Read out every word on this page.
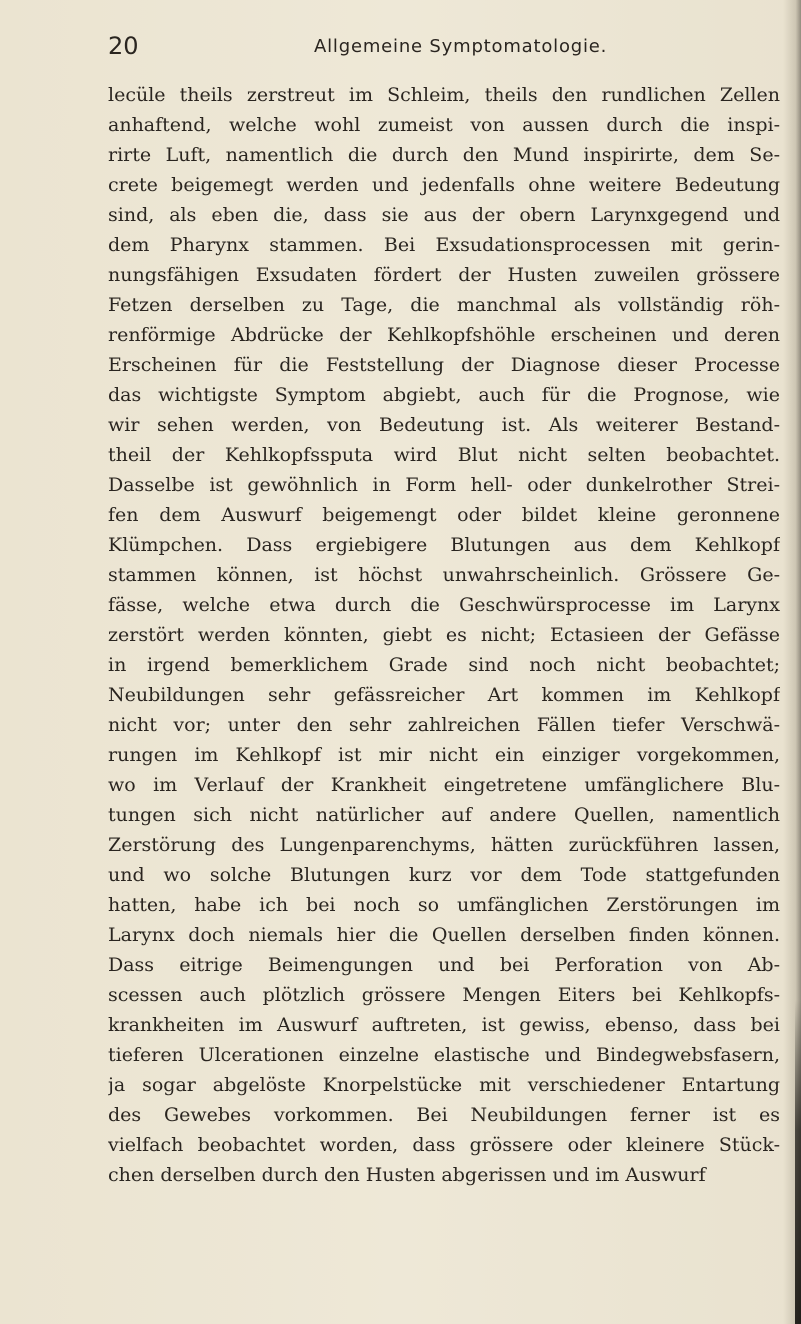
20	Allgemeine Symptomatologie.
lecüle theils zerstreut im Schleim, theils den rundlichen Zellen
anhaftend, welche wohl zumeist von aussen durch die inspi-
rirte Luft, namentlich die durch den Mund inspirirte, dem Se-
crete beigemegt werden und jedenfalls ohne weitere Bedeutung
sind, als eben die, dass sie aus der obern Larynxgegend und
dem Pharynx stammen. Bei Exsudationsprocessen mit gerin-
nungsfähigen Exsudaten fördert der Husten zuweilen grössere
Fetzen derselben zu Tage, die manchmal als vollständig röh-
renförmige Abdrücke der Kehlkopfshöhle erscheinen und deren
Erscheinen für die Feststellung der Diagnose dieser Processe
das wichtigste Symptom abgiebt, auch für die Prognose, wie
wir sehen werden, von Bedeutung ist. Als weiterer Bestand-
theil der Kehlkopfssputa wird Blut nicht selten beobachtet.
Dasselbe ist gewöhnlich in Form hell- oder dunkelrother Strei-
fen dem Auswurf beigemengt oder bildet kleine geronnene
Klümpchen. Dass ergiebigere Blutungen aus dem Kehlkopf
stammen können, ist höchst unwahrscheinlich. Grössere Ge-
fässe, welche etwa durch die Geschwürsprocesse im Larynx
zerstört werden könnten, giebt es nicht; Ectasieen der Gefässe
in irgend bemerklichem Grade sind noch nicht beobachtet;
Neubildungen sehr gefässreicher Art kommen im Kehlkopf
nicht vor; unter den sehr zahlreichen Fällen tiefer Verschwä-
rungen im Kehlkopf ist mir nicht ein einziger vorgekommen,
wo im Verlauf der Krankheit eingetretene umfänglichere Blu-
tungen sich nicht natürlicher auf andere Quellen, namentlich
Zerstörung des Lungenparenchyms, hätten zurückführen lassen,
und wo solche Blutungen kurz vor dem Tode stattgefunden
hatten, habe ich bei noch so umfänglichen Zerstörungen im
Larynx doch niemals hier die Quellen derselben finden können.
Dass eitrige Beimengungen und bei Perforation von Ab-
scessen auch plötzlich grössere Mengen Eiters bei Kehlkopfs-
krankheiten im Auswurf auftreten, ist gewiss, ebenso, dass bei
tieferen Ulcerationen einzelne elastische und Bindegwebsfasern,
ja sogar abgelöste Knorpelstücke mit verschiedener Entartung
des Gewebes vorkommen. Bei Neubildungen ferner ist es
vielfach beobachtet worden, dass grössere oder kleinere Stück-
chen derselben durch den Husten abgerissen und im Auswurf
